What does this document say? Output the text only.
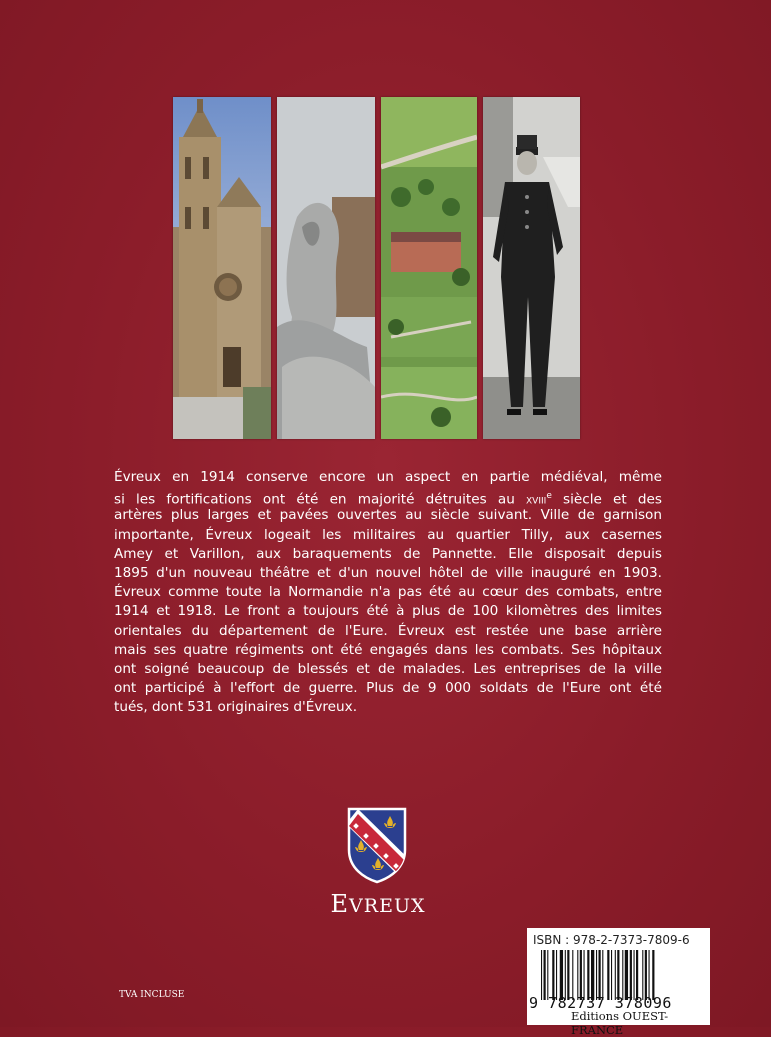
Évreux en 1914 conserve encore un aspect en partie médiéval, même
si les fortifications ont été en majorité détruites au XVIIIe siècle et des
artères plus larges et pavées ouvertes au siècle suivant. Ville de garnison
importante, Évreux logeait les militaires au quartier Tilly, aux casernes
Amey et Varillon, aux baraquements de Pannette. Elle disposait depuis
1895 d'un nouveau théâtre et d'un nouvel hôtel de ville inauguré en 1903.
Évreux comme toute la Normandie n'a pas été au cœur des combats, entre
1914 et 1918. Le front a toujours été à plus de 100 kilomètres des limites
orientales du département de l'Eure. Évreux est restée une base arrière
mais ses quatre régiments ont été engagés dans les combats. Ses hôpitaux
ont soigné beaucoup de blessés et de malades. Les entreprises de la ville
ont participé à l'effort de guerre. Plus de 9 000 soldats de l'Eure ont été
tués, dont 531 originaires d'Évreux.
EVREUX
TVA INCLUSE
ISBN : 978-2-7373-7809-6
9 782737 378096
Editions OUEST-FRANCE
